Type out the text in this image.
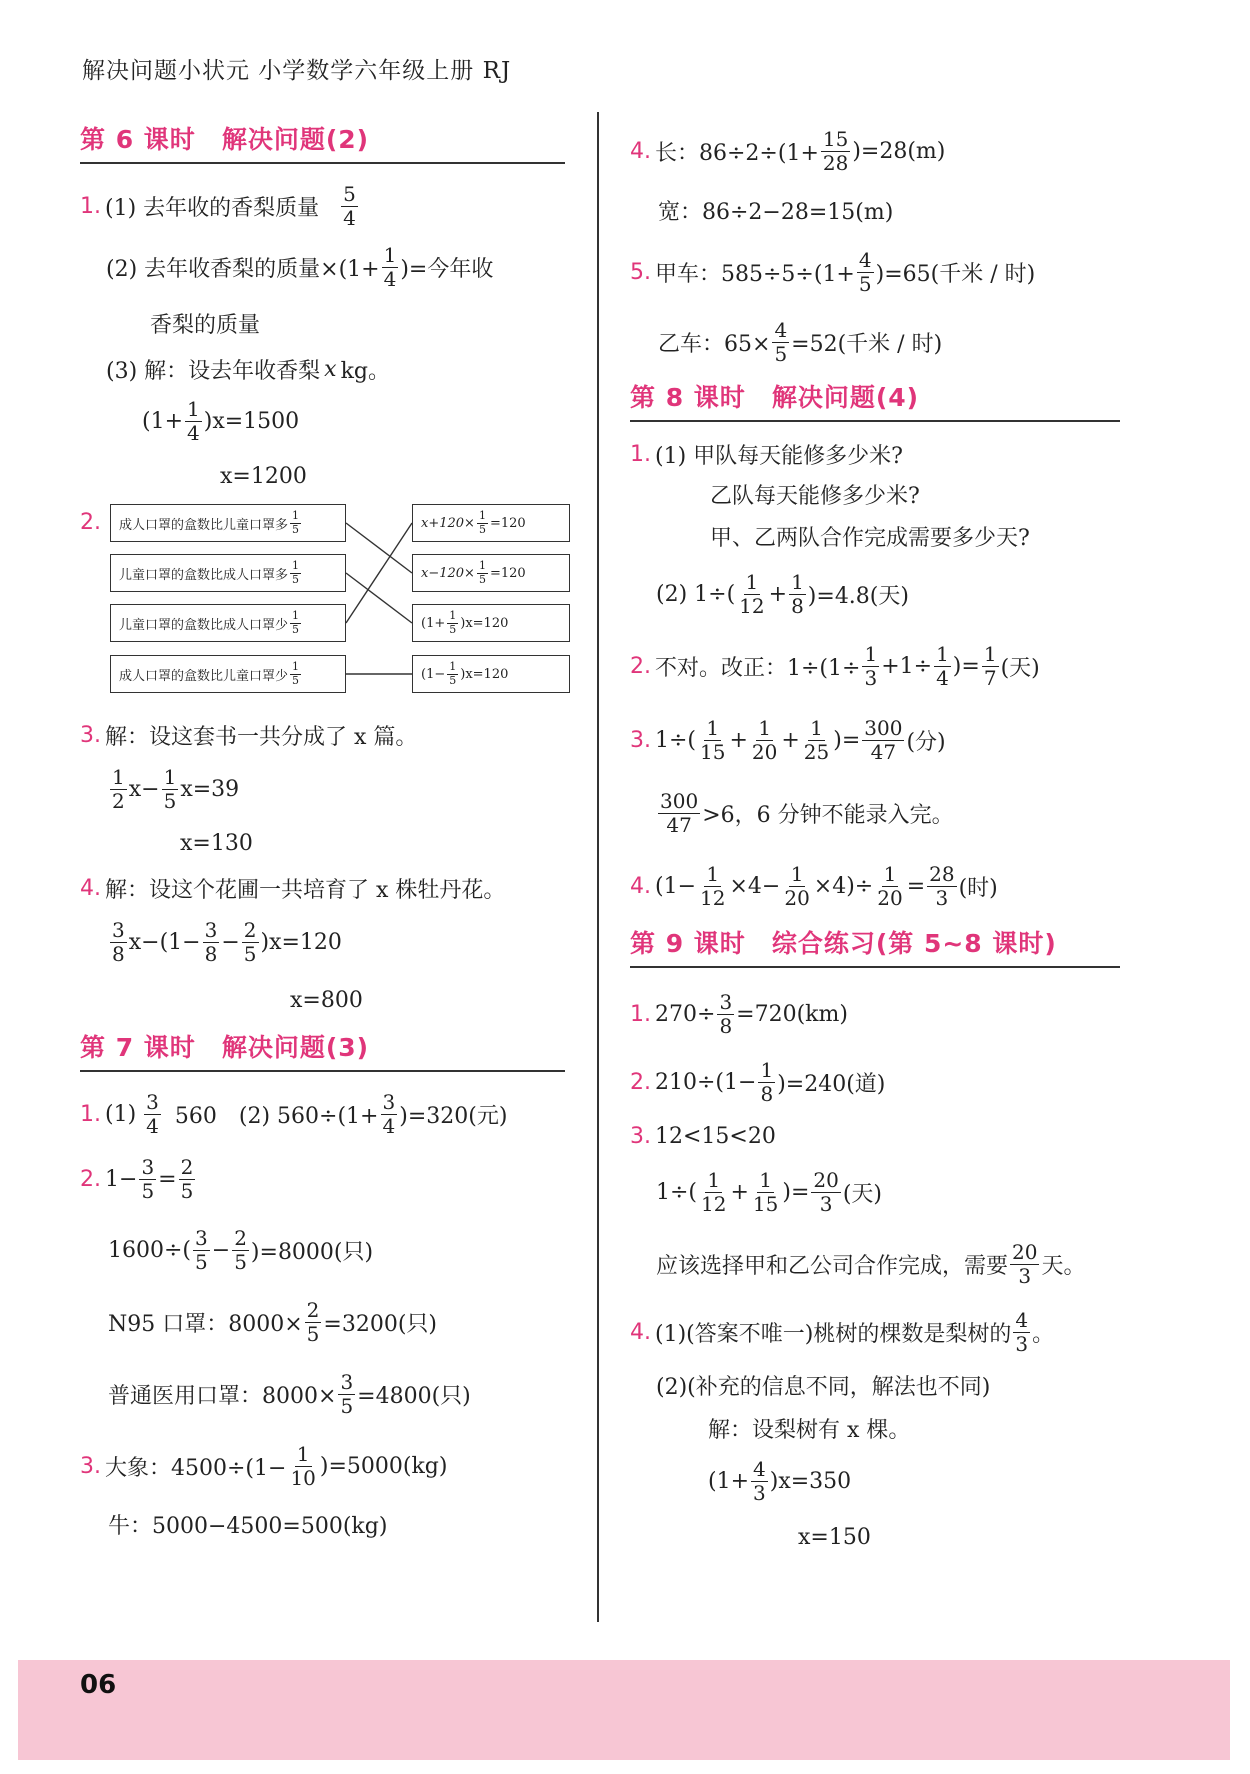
解决问题小状元 小学数学六年级上册 RJ
第 6 课时 解决问题(2)
1. (1) 去年收的香梨质量 $\frac{5}{4}$
(2) 去年收香梨的质量$\times(1+ \frac{1}{4}$ )=今年收
香梨的质量
(3) 解：设去年收香梨 x kg。
$(1+ \frac{1}{4} )x=1500$
x=1200
2. 成人口罩的盒数比儿童口罩多 $\frac{1}{5}$
儿童口罩的盒数比成人口罩多 $\frac{1}{5}$
儿童口罩的盒数比成人口罩少 $\frac{1}{5}$
成人口罩的盒数比儿童口罩少 $\frac{1}{5}$
$x+120\times \frac{1}{5} =120$
$x-120\times \frac{1}{5} =120$
$(1+ \frac{1}{5} )x=120$
$(1- \frac{1}{5} )x=120$
3. 解：设这套书一共分成了 x 篇。
$\frac{1}{2} x- \frac{1}{5} x=39$
x=130
4. 解：设这个花圃一共培育了 x 株牡丹花。
$\frac{3}{8} x-(1- \frac{3}{8} - \frac{2}{5} )x=120$
x=800
第 7 课时 解决问题(3)
1. $(1) \frac{3}{4} 560$　(2) $560\div(1+ \frac{3}{4} )=320$(元)
2. $1- \frac{3}{5} = \frac{2}{5}$
$1600\div( \frac{3}{5} - \frac{2}{5} )=8000$(只)
N95 口罩：$8000\times \frac{2}{5} =3200$(只)
普通医用口罩：$8000\times \frac{3}{5} =4800$(只)
3. 大象：$4500\div(1- \frac{1}{10} )=5000(kg)$
牛：5000−4500=500(kg)
4. 长：$86\div 2\div(1+ \frac{15}{28} )=28(m)$
宽：86÷2−28=15(m)
5. 甲车：$585\div 5\div(1+ \frac{4}{5} )=65$(千米 / 时)
乙车：$65\times \frac{4}{5} =52$(千米 / 时)
第 8 课时 解决问题(4)
1. (1) 甲队每天能修多少米?
乙队每天能修多少米?
甲、乙两队合作完成需要多少天?
(2) $1\div( \frac{1}{12} + \frac{1}{8} )=4.8$(天)
2. 不对。改正：$1\div(1\div \frac{1}{3} +1\div \frac{1}{4}$ )= $\frac{1}{7}$ (天)
3. $1\div( \frac{1}{15} + \frac{1}{20} + \frac{1}{25}$ )= $\frac{300}{47}$ (分)
$\frac{300}{47} >6$，6 分钟不能录入完。
4. $(1- \frac{1}{12} \times 4- \frac{1}{20} \times 4)\div \frac{1}{20} = \frac{28}{3}$ (时)
第 9 课时 综合练习(第 5~8 课时)
1. $270\div \frac{3}{8} =720(km)$
2. $210\div(1- \frac{1}{8} )=240$(道)
3. 12<15<20
$1\div( \frac{1}{12} + \frac{1}{15}$ )= $\frac{20}{3}$ (天)
应该选择甲和乙公司合作完成，需要 $\frac{20}{3}$ 天。
4. (1)(答案不唯一)桃树的棵数是梨树的 $\frac{4}{3}$ 。
(2)(补充的信息不同，解法也不同)
解：设梨树有 x 棵。
$(1+ \frac{4}{3} )x=350$
x=150
06
